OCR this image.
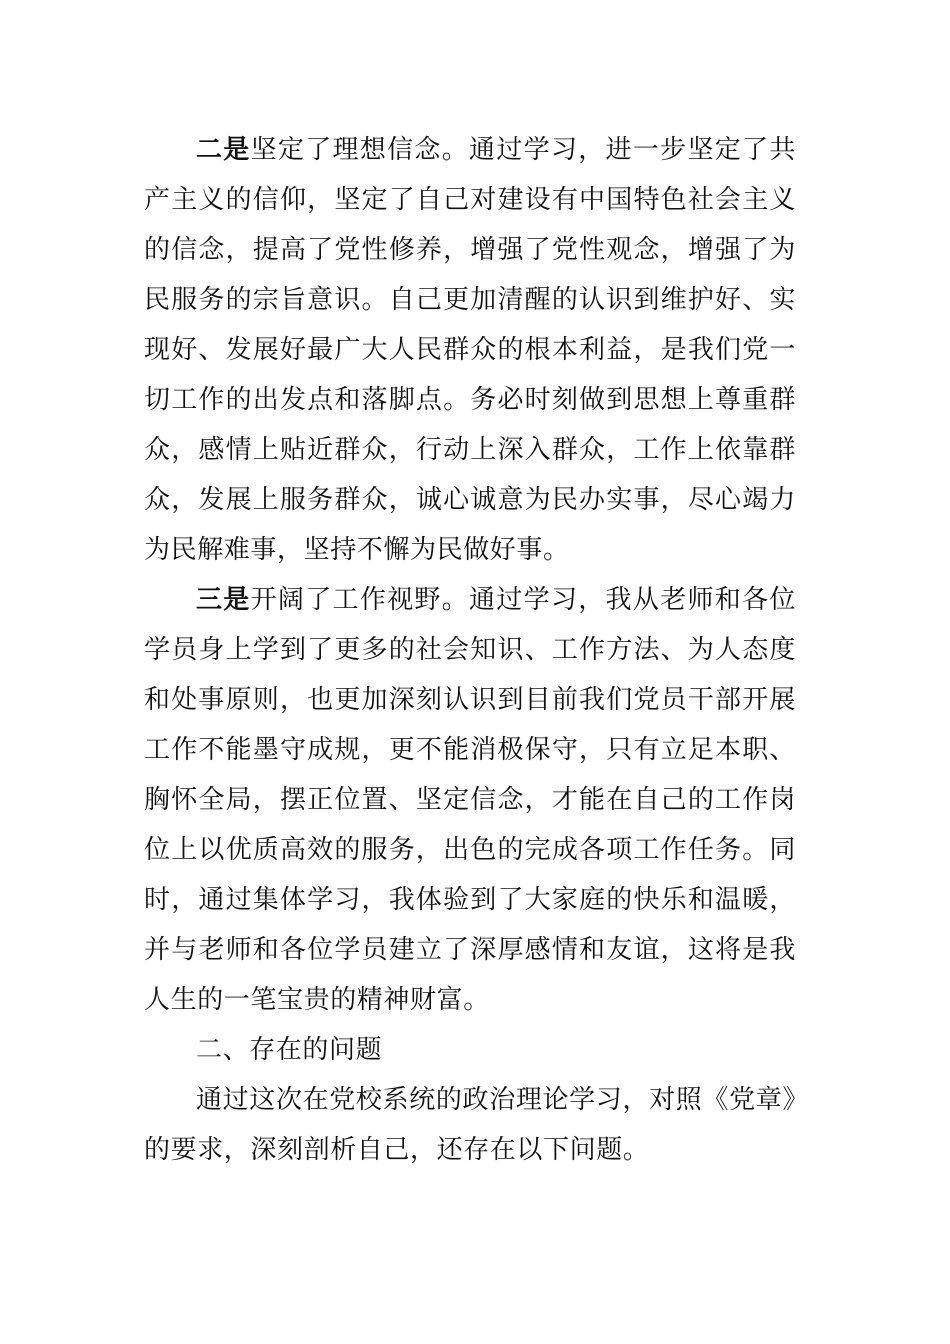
二是坚定了理想信念。通过学习，进一步坚定了共产主义的信仰，坚定了自己对建设有中国特色社会主义的信念，提高了党性修养，增强了党性观念，增强了为民服务的宗旨意识。自己更加清醒的认识到维护好、实现好、发展好最广大人民群众的根本利益，是我们党一切工作的出发点和落脚点。务必时刻做到思想上尊重群众，感情上贴近群众，行动上深入群众，工作上依靠群众，发展上服务群众，诚心诚意为民办实事，尽心竭力为民解难事，坚持不懈为民做好事。

三是开阔了工作视野。通过学习，我从老师和各位学员身上学到了更多的社会知识、工作方法、为人态度和处事原则，也更加深刻认识到目前我们党员干部开展工作不能墨守成规，更不能消极保守，只有立足本职、胸怀全局，摆正位置、坚定信念，才能在自己的工作岗位上以优质高效的服务，出色的完成各项工作任务。同时，通过集体学习，我体验到了大家庭的快乐和温暖，并与老师和各位学员建立了深厚感情和友谊，这将是我人生的一笔宝贵的精神财富。

二、存在的问题

通过这次在党校系统的政治理论学习，对照《党章》的要求，深刻剖析自己，还存在以下问题。
